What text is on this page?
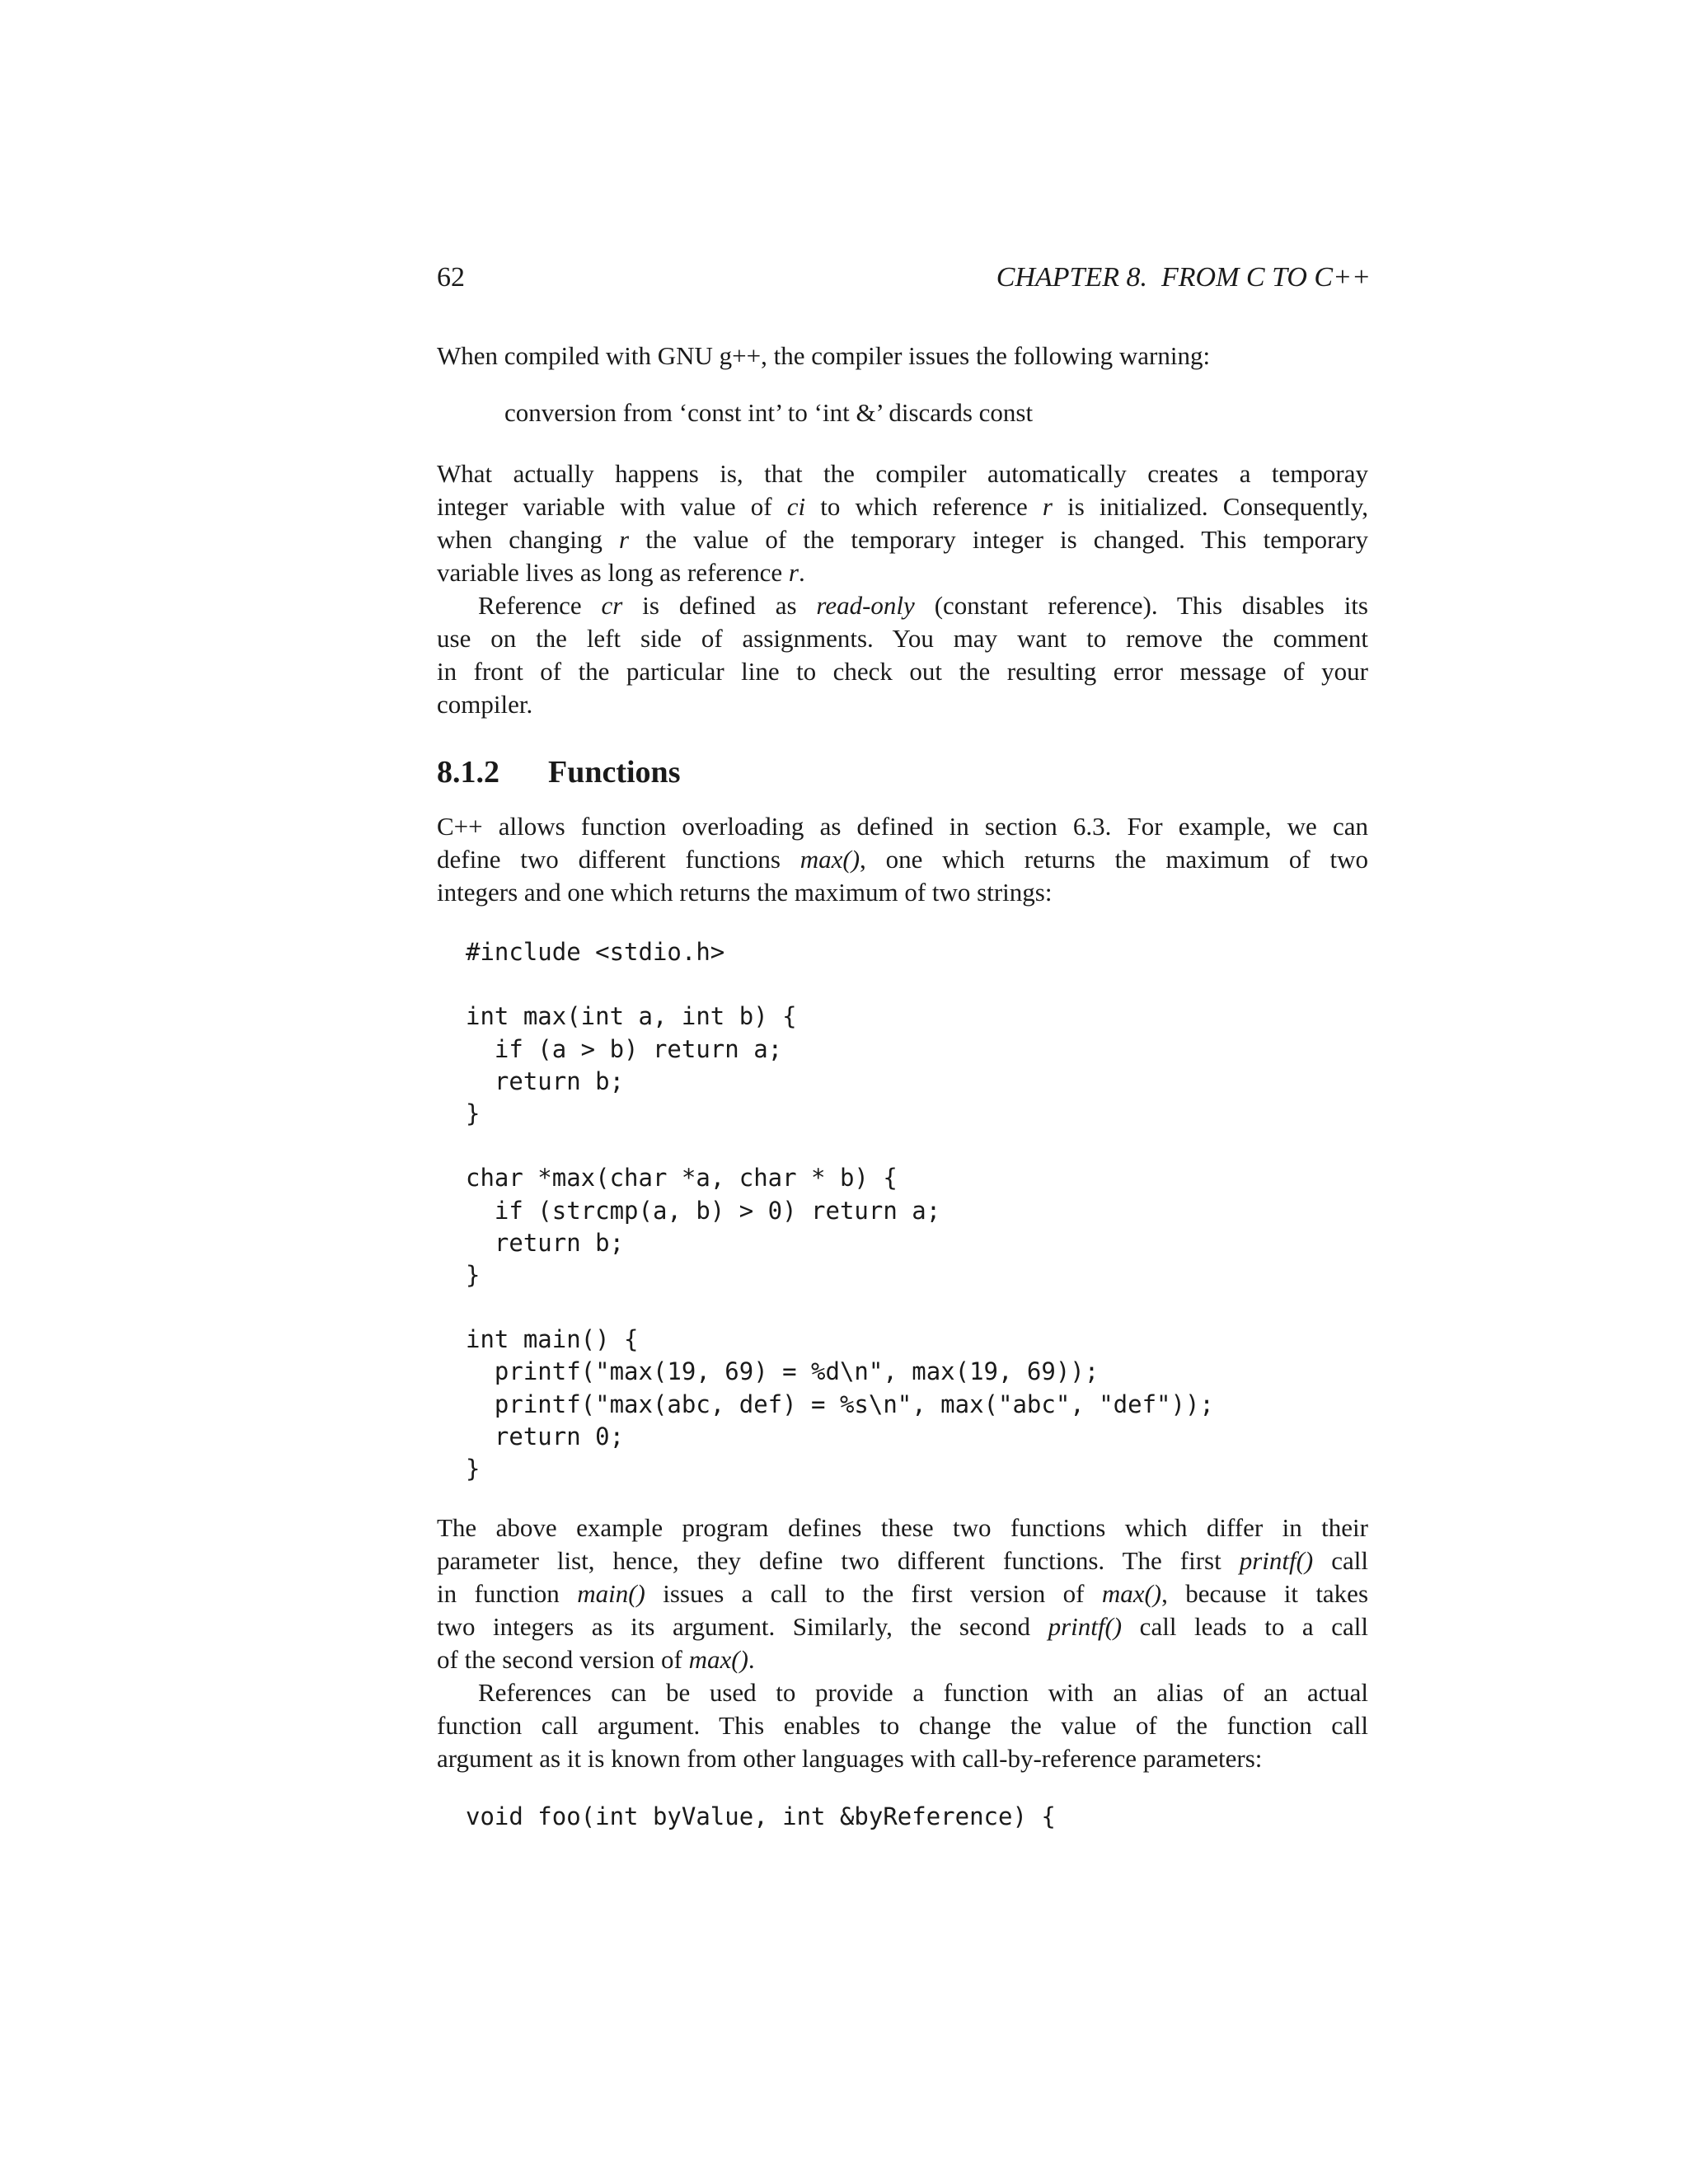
62	CHAPTER 8.  FROM C TO C++
When compiled with GNU g++, the compiler issues the following warning:
conversion from ‘const int’ to ‘int &’ discards const
What actually happens is, that the compiler automatically creates a temporay
integer variable with value of ci to which reference r is initialized. Consequently,
when changing r the value of the temporary integer is changed. This temporary
variable lives as long as reference r.
Reference cr is defined as read-only (constant reference). This disables its
use on the left side of assignments. You may want to remove the comment
in front of the particular line to check out the resulting error message of your
compiler.
8.1.2 Functions
C++ allows function overloading as defined in section 6.3. For example, we can
define two different functions max(), one which returns the maximum of two
integers and one which returns the maximum of two strings:
#include <stdio.h>
int max(int a, int b) {
if (a > b) return a;
return b;
}
char *max(char *a, char * b) {
if (strcmp(a, b) > 0) return a;
return b;
}
int main() {
printf("max(19, 69) = %d\n", max(19, 69));
printf("max(abc, def) = %s\n", max("abc", "def"));
return 0;
}
The above example program defines these two functions which differ in their
parameter list, hence, they define two different functions. The first printf() call
in function main() issues a call to the first version of max(), because it takes
two integers as its argument. Similarly, the second printf() call leads to a call
of the second version of max().
References can be used to provide a function with an alias of an actual
function call argument. This enables to change the value of the function call
argument as it is known from other languages with call-by-reference parameters:
void foo(int byValue, int &byReference) {
